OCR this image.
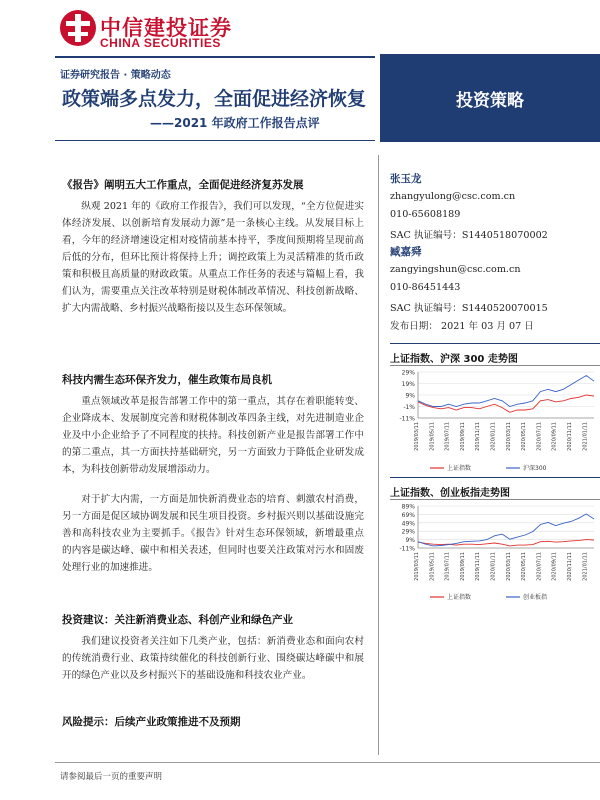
中信建投证券
CHINA SECURITIES
证券研究报告 · 策略动态
政策端多点发力，全面促进经济恢复
——2021 年政府工作报告点评
投资策略
《报告》阐明五大工作重点，全面促进经济复苏发展
纵观 2021 年的《政府工作报告》，我们可以发现，“全方位促进实体经济发展、以创新培育发展动力源”是一条核心主线。从发展目标上看，今年的经济增速设定相对疫情前基本持平，季度间预期将呈现前高后低的分布，但环比预计将保持上升；调控政策上为灵活精准的货币政策和积极且高质量的财政政策。从重点工作任务的表述与篇幅上看，我们认为，需要重点关注改革特别是财税体制改革情况、科技创新战略、扩大内需战略、乡村振兴战略衔接以及生态环保领域。
科技内需生态环保齐发力，催生政策布局良机
重点领域改革是报告部署工作中的第一重点，其存在着职能转变、企业降成本、发展制度完善和财税体制改革四条主线，对先进制造业企业及中小企业给予了不同程度的扶持。科技创新产业是报告部署工作中的第二重点，其一方面扶持基础研究，另一方面致力于降低企业研发成本，为科技创新带动发展增添动力。
对于扩大内需，一方面是加快新消费业态的培育、刺激农村消费，另一方面是促区域协调发展和民生项目投资。乡村振兴则以基础设施完善和高科技农业为主要抓手。《报告》针对生态环保领域，新增最重点的内容是碳达峰、碳中和相关表述，但同时也要关注政策对污水和固废处理行业的加速推进。
投资建议：关注新消费业态、科创产业和绿色产业
我们建议投资者关注如下几类产业，包括：新消费业态和面向农村的传统消费行业、政策持续催化的科技创新行业、围绕碳达峰碳中和展开的绿色产业以及乡村振兴下的基础设施和科技农业产业。
风险提示：后续产业政策推进不及预期
张玉龙
zhangyulong@csc.com.cn
010-65608189
SAC 执证编号：S1440518070002
臧嘉舜
zangyingshun@csc.com.cn
010-86451443
SAC 执证编号：S1440520070015
发布日期： 2021 年 03 月 07 日
上证指数、沪深 300 走势图
29%
19%
9%
-1%
-11%
2019/03/11 2019/05/11 2019/07/11 2019/09/11 2019/11/11 2020/01/11 2020/03/11 2020/05/11 2020/07/11 2020/09/11 2020/11/11 2021/01/11
上证指数	沪深300
上证指数、创业板指走势图
89%
69%
49%
29%
9%
-11%
2019/03/11 2019/05/11 2019/07/11 2019/09/11 2019/11/11 2020/01/11 2020/03/11 2020/05/11 2020/07/11 2020/09/11 2020/11/11 2021/01/11
上证指数	创业板指
请参阅最后一页的重要声明
